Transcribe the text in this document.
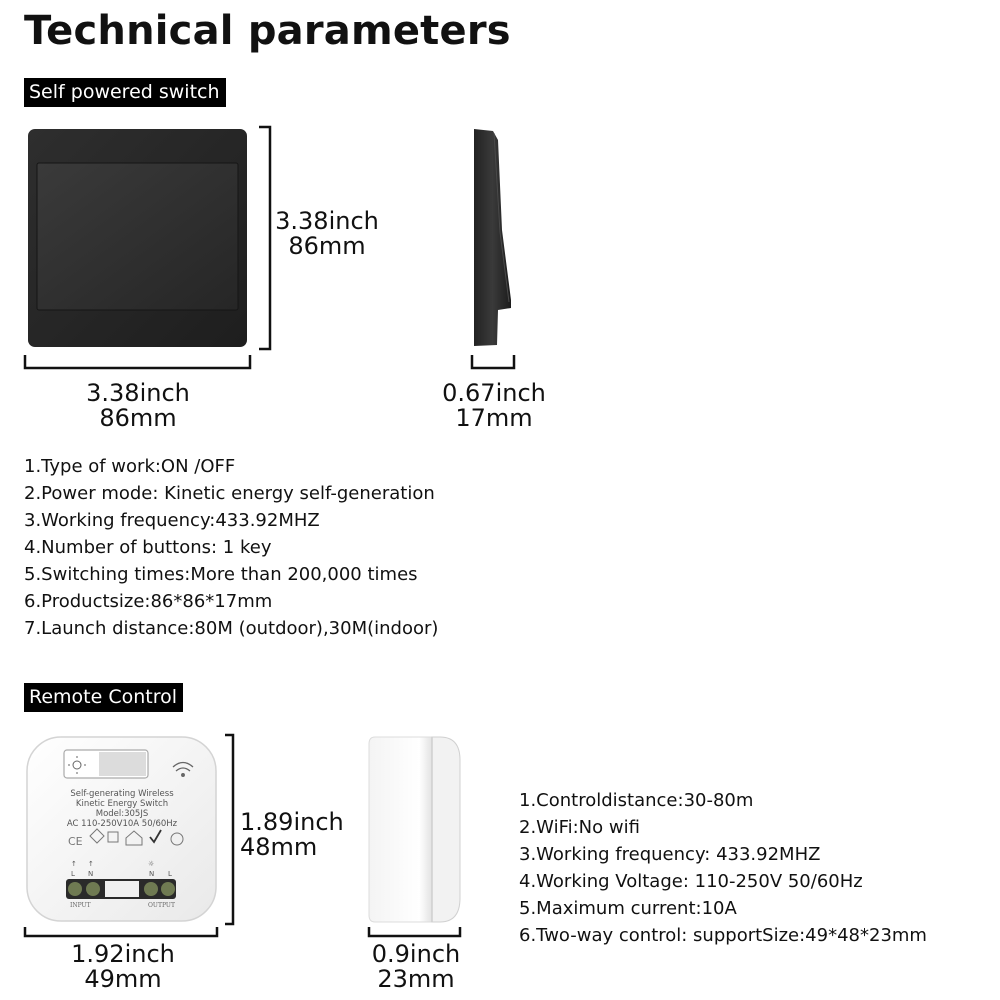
Technical parameters
Self powered switch
3.38inch
86mm
3.38inch
86mm
0.67inch
17mm
1.Type of work:ON /OFF
2.Power mode: Kinetic energy self-generation
3.Working frequency:433.92MHZ
4.Number of buttons: 1 key
5.Switching times:More than 200,000 times
6.Productsize:86*86*17mm
7.Launch distance:80M (outdoor),30M(indoor)
Remote Control
CE
↑ ↑
L N
☼
N L
Self-generating Wireless
Kinetic Energy Switch
Model:305JS
AC 110-250V10A 50/60Hz
INPUT	OUTPUT
1.89inch
48mm
1.92inch
49mm
0.9inch
23mm
1.Controldistance:30-80m
2.WiFi:No wifi
3.Working frequency: 433.92MHZ
4.Working Voltage: 110-250V 50/60Hz
5.Maximum current:10A
6.Two-way control: supportSize:49*48*23mm
